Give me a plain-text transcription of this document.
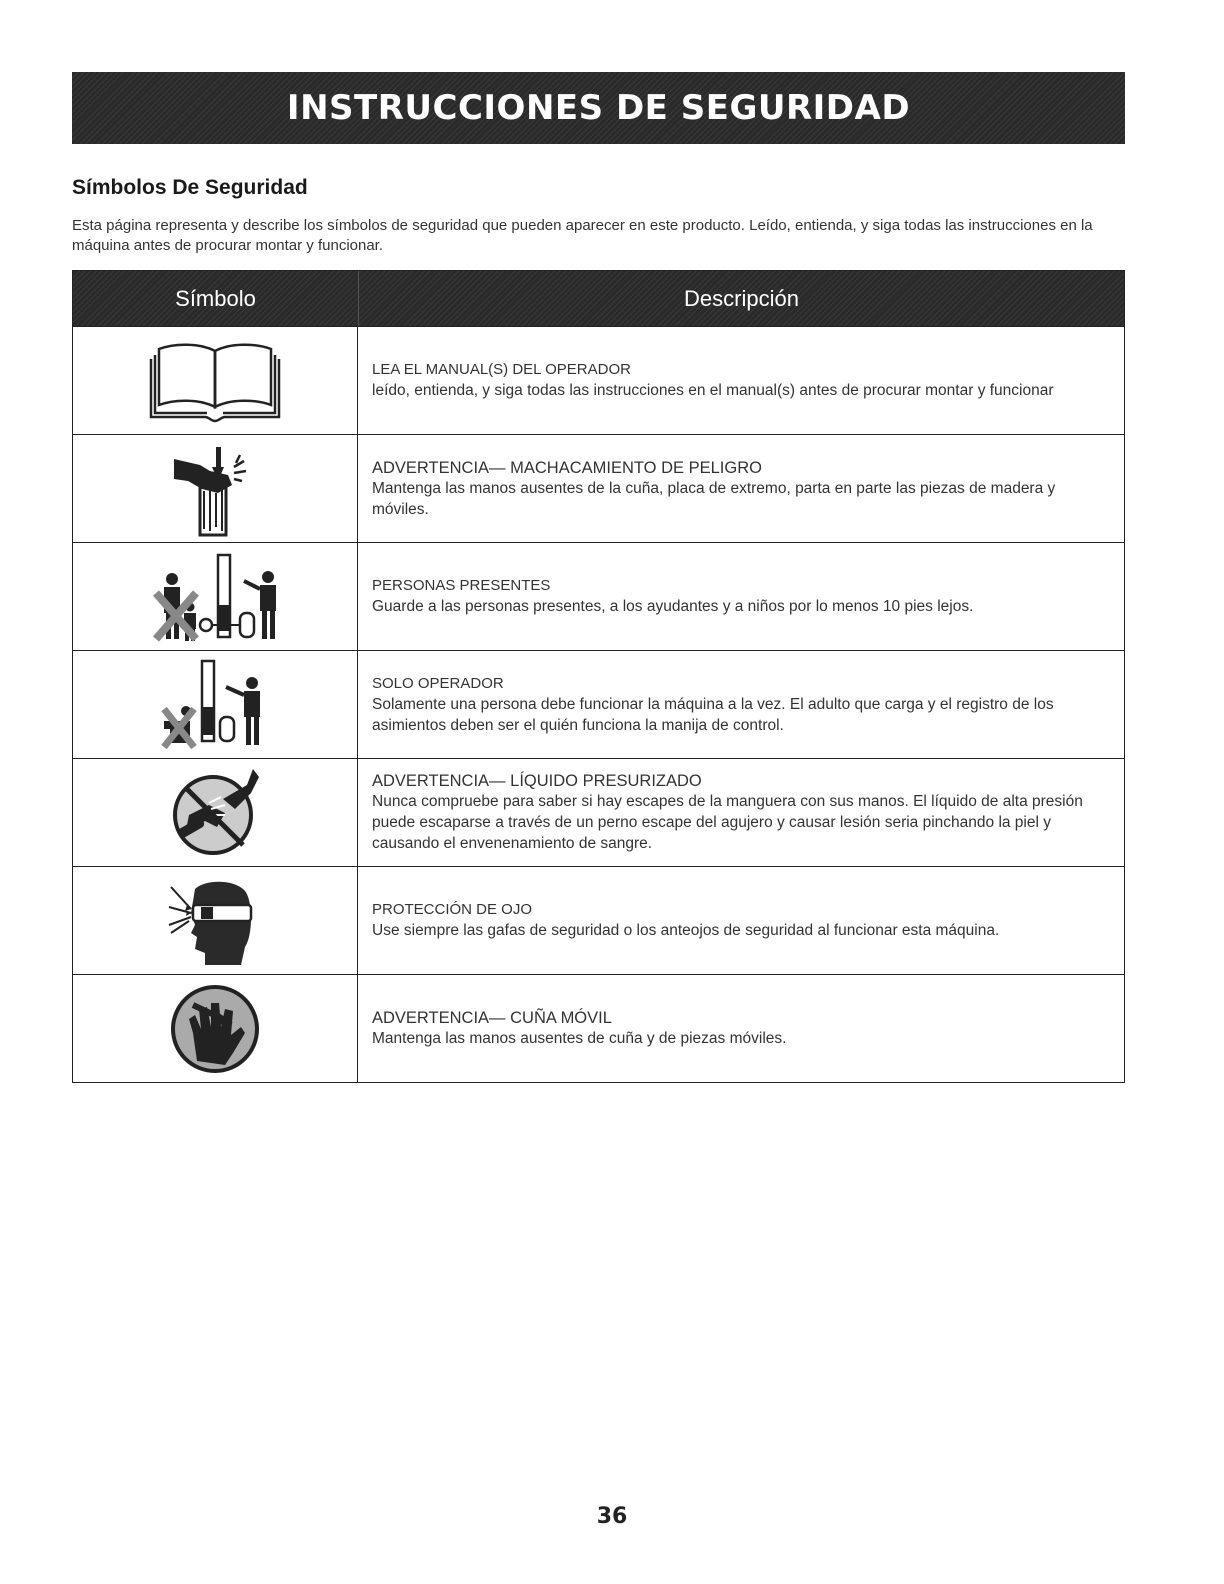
INSTRUCCIONES DE SEGURIDAD
Símbolos De Seguridad
Esta página representa y describe los símbolos de seguridad que pueden aparecer en este producto. Leído, entienda, y siga todas las instrucciones en la máquina antes de procurar montar y funcionar.
Símbolo	Descripción
LEA EL MANUAL(S) DEL OPERADOR
leído, entienda, y siga todas las instrucciones en el manual(s) antes de procurar montar y funcionar
ADVERTENCIA— MACHACAMIENTO DE PELIGRO
Mantenga las manos ausentes de la cuña, placa de extremo, parta en parte las piezas de madera y móviles.
PERSONAS PRESENTES
Guarde a las personas presentes, a los ayudantes y a niños por lo menos 10 pies lejos.
SOLO OPERADOR
Solamente una persona debe funcionar la máquina a la vez. El adulto que carga y el registro de los asimientos deben ser el quién funciona la manija de control.
ADVERTENCIA— LÍQUIDO PRESURIZADO
Nunca compruebe para saber si hay escapes de la manguera con sus manos. El líquido de alta presión puede escaparse a través de un perno escape del agujero y causar lesión seria pinchando la piel y causando el envenenamiento de sangre.
PROTECCIÓN DE OJO
Use siempre las gafas de seguridad o los anteojos de seguridad al funcionar esta máquina.
ADVERTENCIA— CUÑA MÓVIL
Mantenga las manos ausentes de cuña y de piezas móviles.
36
